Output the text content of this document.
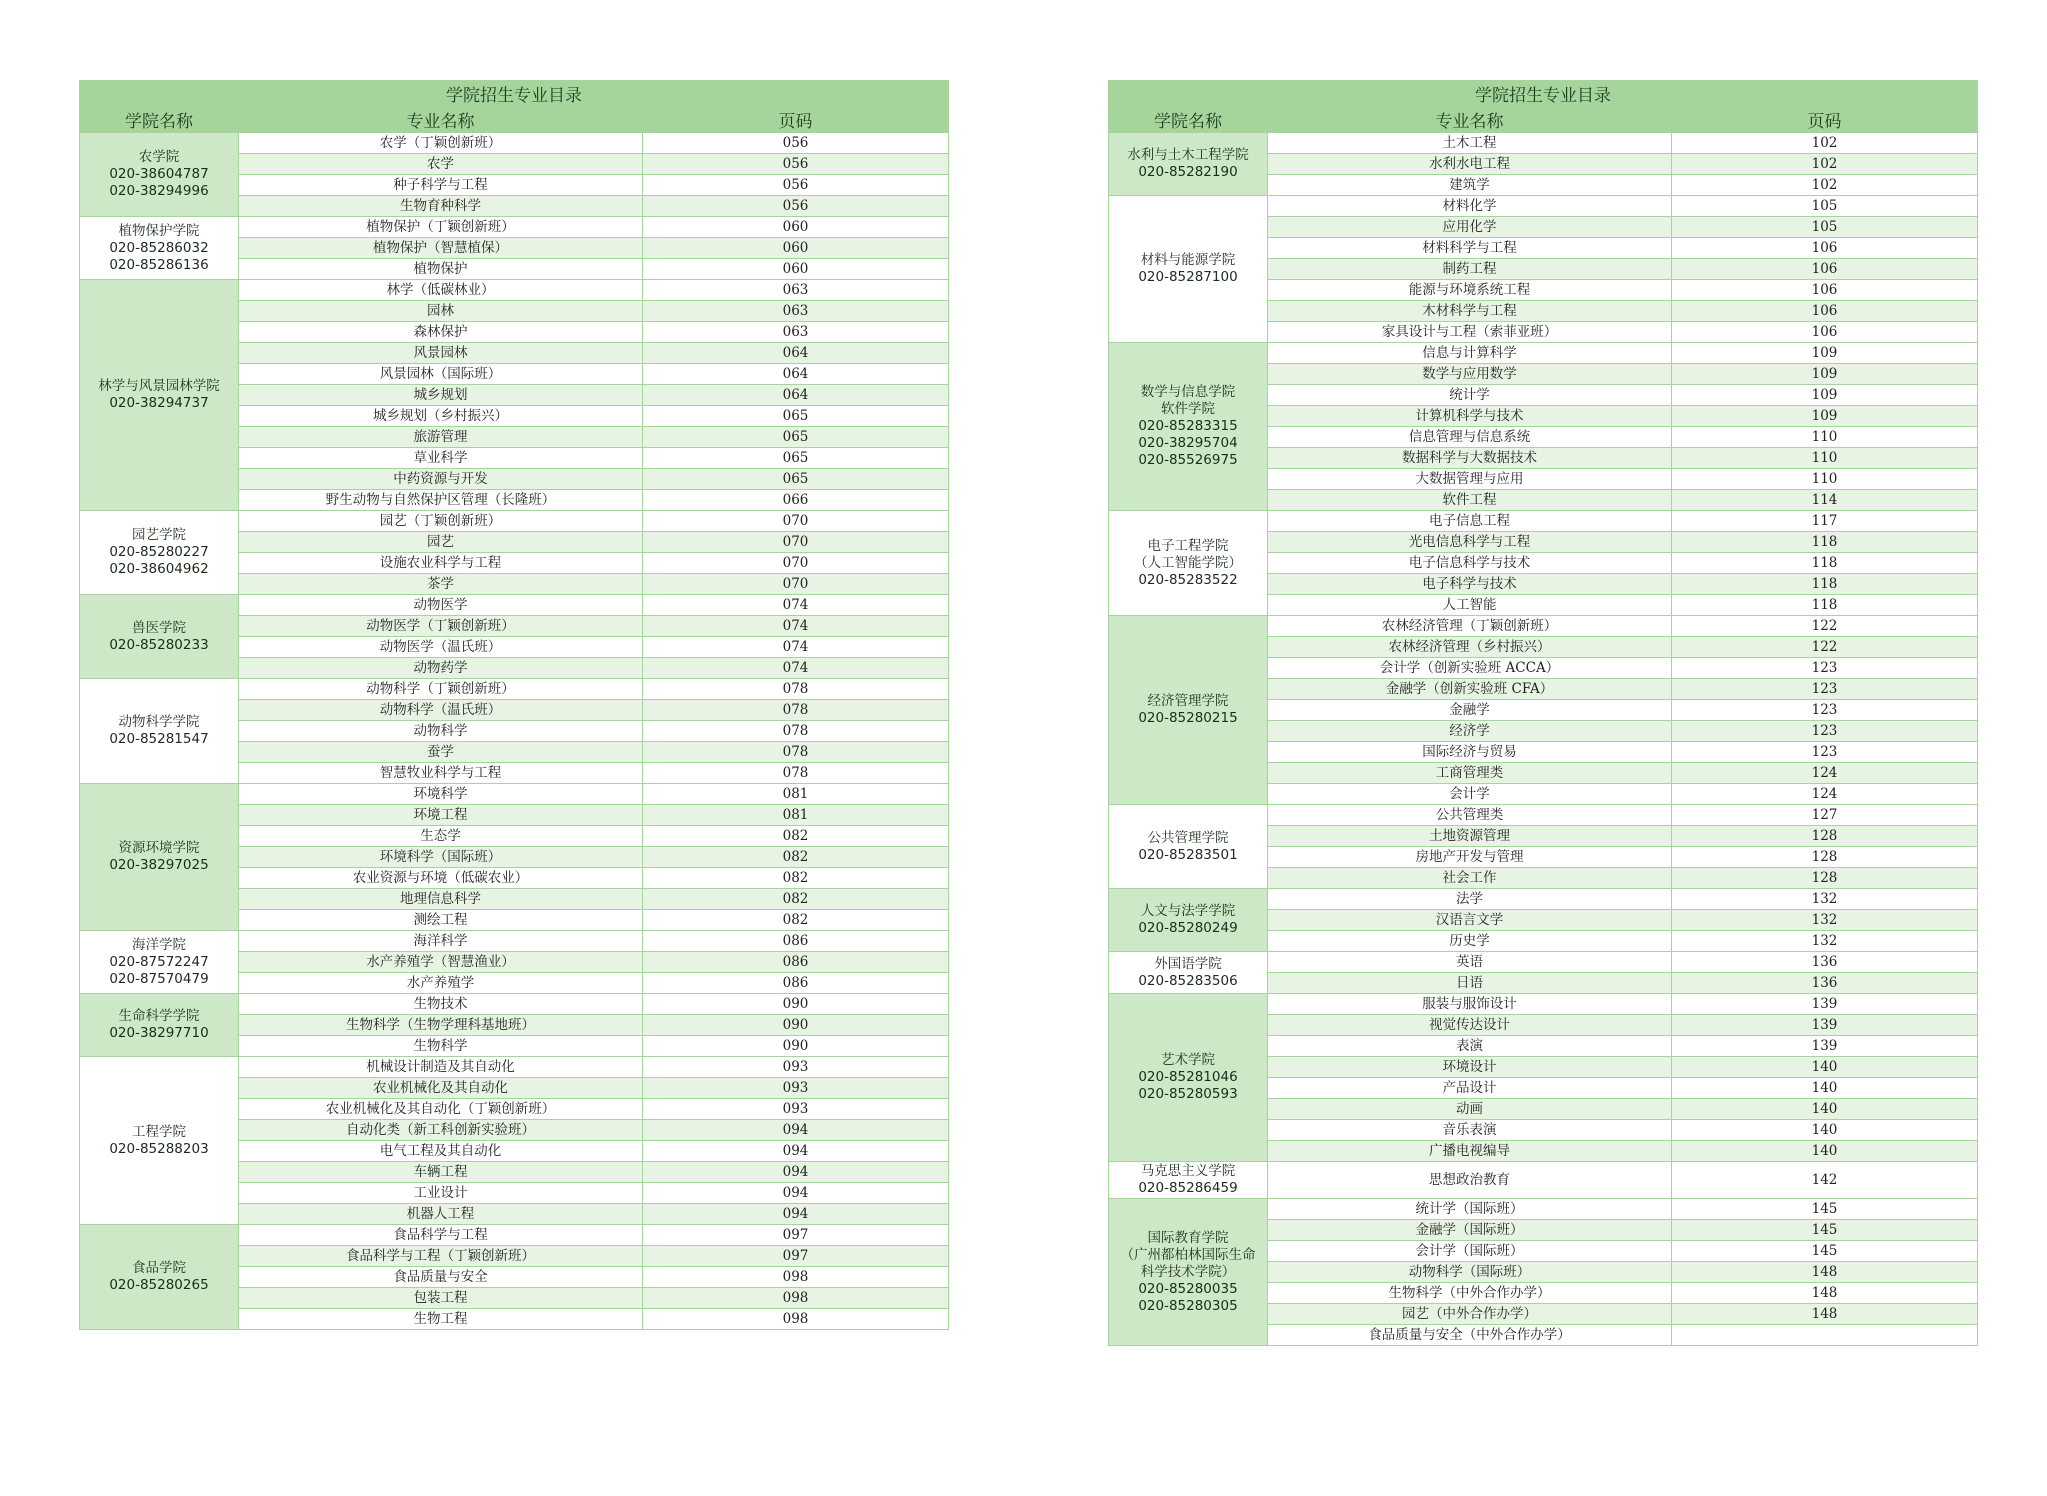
学院招生专业目录		
学院名称	专业名称	页码

农学院
020-38604787
020-38294996	农学（丁颖创新班）	056
	农学	056
	种子科学与工程	056
	生物育种科学	056

植物保护学院
020-85286032
020-85286136	植物保护（丁颖创新班）	060
	植物保护（智慧植保）	060
	植物保护	060

林学与风景园林学院
020-38294737	林学（低碳林业）	063
	园林	063
	森林保护	063
	风景园林	064
	风景园林（国际班）	064
	城乡规划	064
	城乡规划（乡村振兴）	065
	旅游管理	065
	草业科学	065
	中药资源与开发	065
	野生动物与自然保护区管理（长隆班）	066

园艺学院
020-85280227
020-38604962	园艺（丁颖创新班）	070
	园艺	070
	设施农业科学与工程	070
	茶学	070

兽医学院
020-85280233	动物医学	074
	动物医学（丁颖创新班）	074
	动物医学（温氏班）	074
	动物药学	074

动物科学学院
020-85281547	动物科学（丁颖创新班）	078
	动物科学（温氏班）	078
	动物科学	078
	蚕学	078
	智慧牧业科学与工程	078

资源环境学院
020-38297025	环境科学	081
	环境工程	081
	生态学	082
	环境科学（国际班）	082
	农业资源与环境（低碳农业）	082
	地理信息科学	082
	测绘工程	082

海洋学院
020-87572247
020-87570479	海洋科学	086
	水产养殖学（智慧渔业）	086
	水产养殖学	086

生命科学学院
020-38297710	生物技术	090
	生物科学（生物学理科基地班）	090
	生物科学	090

工程学院
020-85288203	机械设计制造及其自动化	093
	农业机械化及其自动化	093
	农业机械化及其自动化（丁颖创新班）	093
	自动化类（新工科创新实验班）	094
	电气工程及其自动化	094
	车辆工程	094
	工业设计	094
	机器人工程	094

食品学院
020-85280265	食品科学与工程	097
	食品科学与工程（丁颖创新班）	097
	食品质量与安全	098
	包装工程	098
	生物工程	098
学院招生专业目录		
学院名称	专业名称	页码

水利与土木工程学院
020-85282190	土木工程	102
	水利水电工程	102
	建筑学	102

材料与能源学院
020-85287100	材料化学	105
	应用化学	105
	材料科学与工程	106
	制药工程	106
	能源与环境系统工程	106
	木材科学与工程	106
	家具设计与工程（索菲亚班）	106

数学与信息学院
软件学院
020-85283315
020-38295704
020-85526975	信息与计算科学	109
	数学与应用数学	109
	统计学	109
	计算机科学与技术	109
	信息管理与信息系统	110
	数据科学与大数据技术	110
	大数据管理与应用	110
	软件工程	114

电子工程学院
（人工智能学院）
020-85283522	电子信息工程	117
	光电信息科学与工程	118
	电子信息科学与技术	118
	电子科学与技术	118
	人工智能	118

经济管理学院
020-85280215	农林经济管理（丁颖创新班）	122
	农林经济管理（乡村振兴）	122
	会计学（创新实验班 ACCA）	123
	金融学（创新实验班 CFA）	123
	金融学	123
	经济学	123
	国际经济与贸易	123
	工商管理类	124
	会计学	124

公共管理学院
020-85283501	公共管理类	127
	土地资源管理	128
	房地产开发与管理	128
	社会工作	128

人文与法学学院
020-85280249	法学	132
	汉语言文学	132
	历史学	132

外国语学院
020-85283506	英语	136
	日语	136

艺术学院
020-85281046
020-85280593	服装与服饰设计	139
	视觉传达设计	139
	表演	139
	环境设计	140
	产品设计	140
	动画	140
	音乐表演	140
	广播电视编导	140

马克思主义学院
020-85286459	思想政治教育	142

国际教育学院
（广州都柏林国际生命
科学技术学院）
020-85280035
020-85280305	统计学（国际班）	145
	金融学（国际班）	145
	会计学（国际班）	145
	动物科学（国际班）	148
	生物科学（中外合作办学）	148
	园艺（中外合作办学）	148
	食品质量与安全（中外合作办学）	
